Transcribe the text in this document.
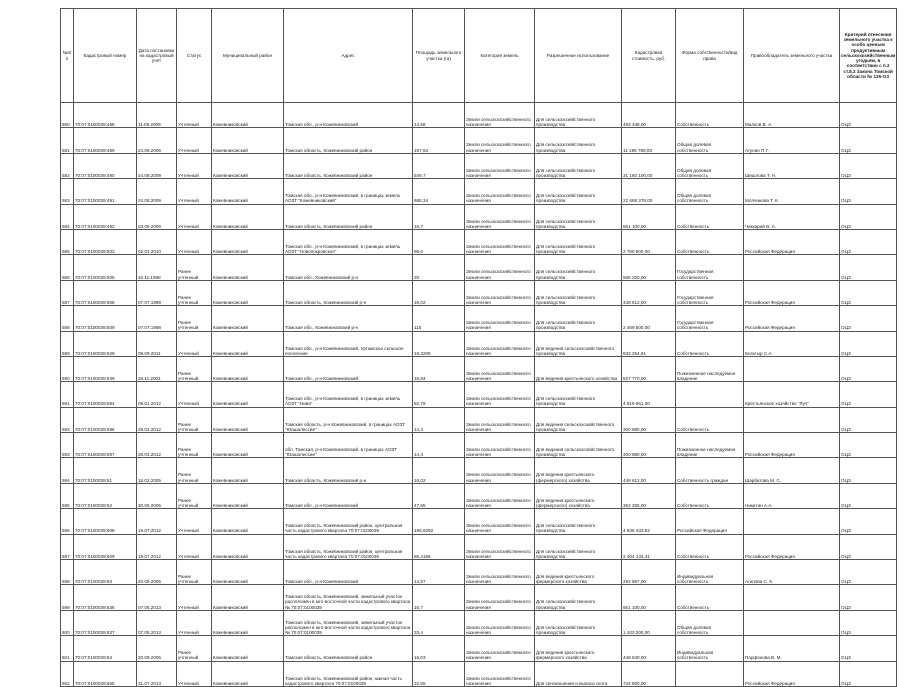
№п/п	Кадастровый номер	Дата постановки на кадастровый учёт	Статус	Муниципальный район	Адрес	Площадь земельного участка (га)	Категория земель	Разрешенное использование	Кадастровая стоимость, руб.	Форма собственности/вид права	Правообладатель земельного участка	Критерий отнесения земельного участка к особо ценным продуктивным сельскохозяйственным угодьям, в соответствии с п.2 ст.8.3 Закона Томской области № 135-ОЗ
580	70:07:0100039:488	11.08.2009	Учтенный	Кожевниковский	Томская обл., р-н Кожевниковский	14,58	Земли сельскохозяйственного назначения	Для сельскохозяйственного производства	483 348,00	Собственность	Малков В. А.	ОЦЗ
581	70:07:0100039:489	24.08.2009	Учтенный	Кожевниковский	Томская область, Кожевниковский район	197,53	Земли сельскохозяйственного назначения	Для сельскохозяйственного производства	11 196 788,00	Общая долевая собственность	Агулин П.Г.	ОЦЗ
582	70:07:0100039:490	24.08.2009	Учтенный	Кожевниковский	Томская область, Кожевниковский район	549,7	Земли сельскохозяйственного назначения	Для сельскохозяйственного производства	31 160 100,00	Общая долевая собственность	Шишлова Т. Н.	ОЦЗ
583	70:07:0100039:491	24.08.2009	Учтенный	Кожевниковский	Томская обл., р-н Кожевниковский, в границах земель АОЗТ "Кожевниковский"	685,34	Земли сельскохозяйственного назначения	Для сельскохозяйственного производства	22 669 278,00	Общая долевая собственность	Молчанова Т. К.	ОЦЗ
584	70:07:0100039:492	03.09.2009	Учтенный	Кожевниковский	Томская область, Кожевниковский район	16,7	Земли сельскохозяйственного назначения	Для сельскохозяйственного производства	551 100,00	Собственность	Чиккарев В. А.	ОЦЗ
585	70:07:0100039:502	02.03.2010	Учтенный	Кожевниковский	Томская обл., р-н Кожевниковский, в границах земель АОЗТ "Новопокровское"	98,6	Земли сельскохозяйственного назначения	Для сельскохозяйственного производства	2 760 800,00	Собственность	Российская Федерация	ОЦЗ
586	70:07:0100039:505	10.11.1998	Ранее учтенный	Кожевниковский	Томская обл., Кожевниковский р-н	20	Земли сельскохозяйственного назначения	Для сельскохозяйственного производства	565 200,00	Государственная собственность		ОЦЗ
587	70:07:0100039:508	07.07.1998	Ранее учтенный	Кожевниковский	Томская область, Кожевниковский р-н	16,02	Земли сельскохозяйственного назначения	Для сельскохозяйственного производства	448 612,00	Государственная собственность	Российская Федерация	ОЦЗ
588	70:07:0100039:509	07.07.1998	Ранее учтенный	Кожевниковский	Томская обл., Кожевниковский р-н	115	Земли сельскохозяйственного назначения	Для сельскохозяйственного производства	2 469 500,00	Государственная собственность	Российская Федерация	ОЦЗ
589	70:07:0100039:529	09.09.2011	Учтенный	Кожевниковский	Томская обл., р-н Кожевниковский, Уртамское сельское поселение	19,3209	Земли сельскохозяйственного назначения	Для ведения сельскохозяйственного производства	832 254,81	Собственность	Богатыр С.А.	ОЦЗ
590	70:07:0100039:539	28.11.2001	Ранее учтенный	Кожевниковский	Томская обл., р-н Кожевниковский	15,84	Земли сельскохозяйственного назначения	Для ведения крестьянского хозяйства	527 770,00	Пожизненное наследуемое владение		ОЦЗ
591	70:07:0100039:594	09.01.2012	Учтенный	Кожевниковский	Томская обл., р-н Кожевниковский, в границах земель АОЗТ "Нива"	92,79	Земли сельскохозяйственного назначения	Для сельскохозяйственного производства	4 919 861,00		Крестьянское хозяйство "Луч"	ОЦЗ
592	70:07:0100039:596	28.03.2012	Ранее учтенный	Кожевниковский	Томская область, р-н Кожевниковский, в границах АОЗТ "Юашалессие"	14,4	Земли сельскохозяйственного назначения	Для ведения сельскохозяйственного производства	300 980,00	Собственность		ОЦЗ
593	70:07:0100039:597	28.03.2012	Ранее учтенный	Кожевниковский	обл. Томская, р-н Кожевниковский, в границах АОЗТ "Юашалессие"	14,4	Земли сельскохозяйственного назначения	Для ведения сельскохозяйственного производства	300 980,00	Пожизненное наследуемое владение	Российская Федерация	ОЦЗ
594	70:07:0100039:61	16.02.2005	Ранее учтенный	Кожевниковский	Томская область, Кожевниковский р-н	16,02	Земли сельскохозяйственного назначения	Для ведения крестьянского (фермерского) хозяйства	448 612,00	Собственность граждан	Шарбатова М. С.	ОЦЗ
595	70:07:0100039:62	30.06.2005	Ранее учтенный	Кожевниковский	Томская обл., р-н Кожевниковский	47,65	Земли сельскохозяйственного назначения	Для ведения крестьянского (фермерского) хозяйства	362 255,00	Собственность	Никитин А.А.	ОЦЗ
596	70:07:0100039:608	19.07.2012	Учтенный	Кожевниковский	Томская область, Кожевниковский район, центральная часть кадастрового квартала 70:07:0100039	198,9292	Земли сельскохозяйственного назначения	Для сельскохозяйственного производства	4 836 433,52	Российская Федерация		ОЦЗ
597	70:07:0100039:609	19.07.2012	Учтенный	Кожевниковский	Томская область, Кожевниковский район, центральная часть кадастрового квартала 70:07:0100039	86,4156	Земли сельскохозяйственного назначения	Для сельскохозяйственного производства	2 404 133,41	Собственность	Российская Федерация	ОЦЗ
598	70:07:0100039:63	20.09.2005	Ранее учтенный	Кожевниковский	Томская обл., р-н Кожевниковский	14,57	Земли сельскохозяйственного назначения	Для ведения крестьянского фермерского хозяйства	292 857,00	Индивидуальная собственность	Агапова С. К.	ОЦЗ
599	70:07:0100039:636	07.05.2013	Учтенный	Кожевниковский	Томская область, Кожевниковский, земельный участок расположен в юго-восточной части кадастрового квартала № 70:07:0100039	16,7	Земли сельскохозяйственного назначения	Для сельскохозяйственного производства	551 100,00	Собственность		ОЦЗ
600	70:07:0100039:637	07.05.2013	Учтенный	Кожевниковский	Томская область, Кожевниковский, земельный участок расположен в юго-восточной части кадастрового квартала № 70:07:0100039	33,4	Земли сельскохозяйственного назначения	Для сельскохозяйственного производства	1 102 200,00	Общая долевая собственность		ОЦЗ
601	70:07:0100039:64	20.09.2005	Ранее учтенный	Кожевниковский	Томская область, Кожевниковский район	16,03	Земли сельскохозяйственного назначения	Для ведения крестьянского фермерского хозяйства	448 640,00	Индивидуальная собственность	Парфенова В. М.	ОЦЗ
602	70:07:0100039:665	31.07.2013	Учтенный	Кожевниковский	Томская область, Кожевниковский район, южная часть кадастрового квартала 70:07:0100039	32,55	Земли сельскохозяйственного назначения	Для сенокошения и выпаса скота	734 800,00		Российская Федерация	ОЦЗ
